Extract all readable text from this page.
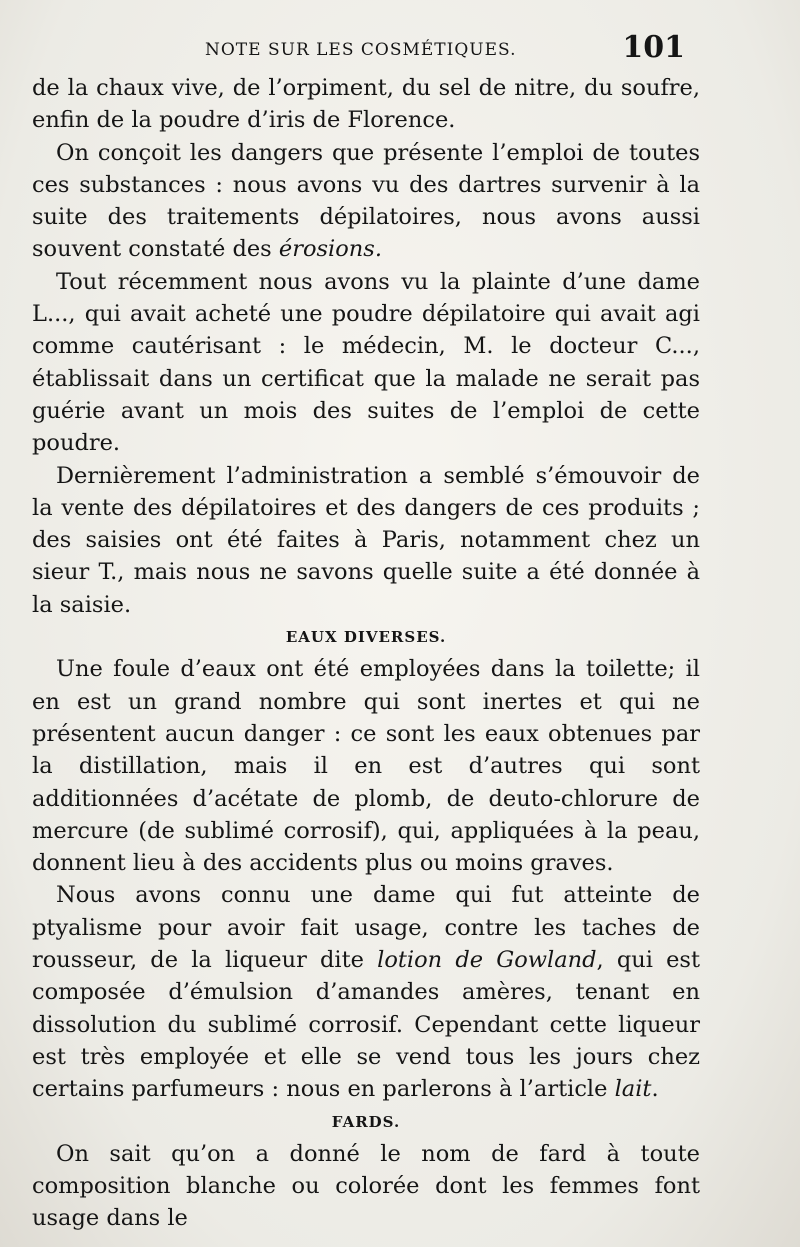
NOTE SUR LES COSMÉTIQUES.	101

de la chaux vive, de l’orpiment, du sel de nitre, du soufre, enfin de la poudre d’iris de Florence.

On conçoit les dangers que présente l’emploi de toutes ces substances : nous avons vu des dartres survenir à la suite des traitements dépilatoires, nous avons aussi souvent constaté des érosions.

Tout récemment nous avons vu la plainte d’une dame L..., qui avait acheté une poudre dépilatoire qui avait agi comme cautérisant : le médecin, M. le docteur C..., établissait dans un certificat que la malade ne serait pas guérie avant un mois des suites de l’emploi de cette poudre.

Dernièrement l’administration a semblé s’émouvoir de la vente des dépilatoires et des dangers de ces produits ; des saisies ont été faites à Paris, notamment chez un sieur T., mais nous ne savons quelle suite a été donnée à la saisie.

EAUX DIVERSES.

Une foule d’eaux ont été employées dans la toilette; il en est un grand nombre qui sont inertes et qui ne présentent aucun danger : ce sont les eaux obtenues par la distillation, mais il en est d’autres qui sont additionnées d’acétate de plomb, de deuto-chlorure de mercure (de sublimé corrosif), qui, appliquées à la peau, donnent lieu à des accidents plus ou moins graves.

Nous avons connu une dame qui fut atteinte de ptyalisme pour avoir fait usage, contre les taches de rousseur, de la liqueur dite lotion de Gowland, qui est composée d’émulsion d’amandes amères, tenant en dissolution du sublimé corrosif. Cependant cette liqueur est très employée et elle se vend tous les jours chez certains parfumeurs : nous en parlerons à l’article lait.

FARDS.

On sait qu’on a donné le nom de fard à toute composition blanche ou colorée dont les femmes font usage dans le
